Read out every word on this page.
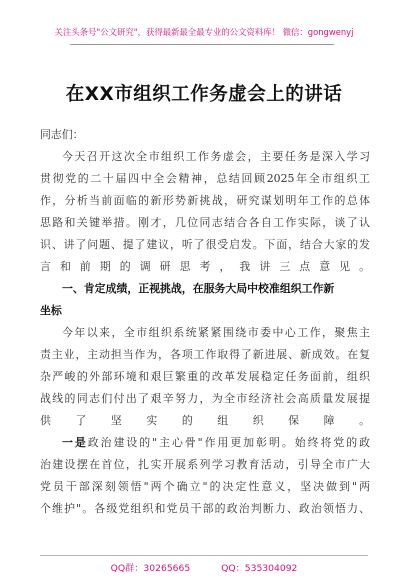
关注头条号"公文研究"，获得最新最全最专业的公文资料库！ 微信：gongwenyj
在XX市组织工作务虚会上的讲话
同志们：
今天召开这次全市组织工作务虚会，主要任务是深入学习
贯彻党的二十届四中全会精神，总结回顾2025年全市组织工
作，分析当前面临的新形势新挑战，研究谋划明年工作的总体
思路和关键举措。刚才，几位同志结合各自工作实际，谈了认
识、讲了问题、提了建议，听了很受启发。下面，结合大家的发
言和前期的调研思考，我讲三点意见。
一、肯定成绩，正视挑战，在服务大局中校准组织工作新
坐标
今年以来，全市组织系统紧紧围绕市委中心工作，聚焦主
责主业，主动担当作为，各项工作取得了新进展、新成效。在复
杂严峻的外部环境和艰巨繁重的改革发展稳定任务面前，组织
战线的同志们付出了艰辛努力，为全市经济社会高质量发展提
供了坚实的组织保障。
一是政治建设的"主心骨"作用更加彰明。始终将党的政
治建设摆在首位，扎实开展系列学习教育活动，引导全市广大
党员干部深刻领悟"两个确立"的决定性意义，坚决做到"两
个维护"。各级党组织和党员干部的政治判断力、政治领悟力、
QQ群：30265665	QQ：535304092
